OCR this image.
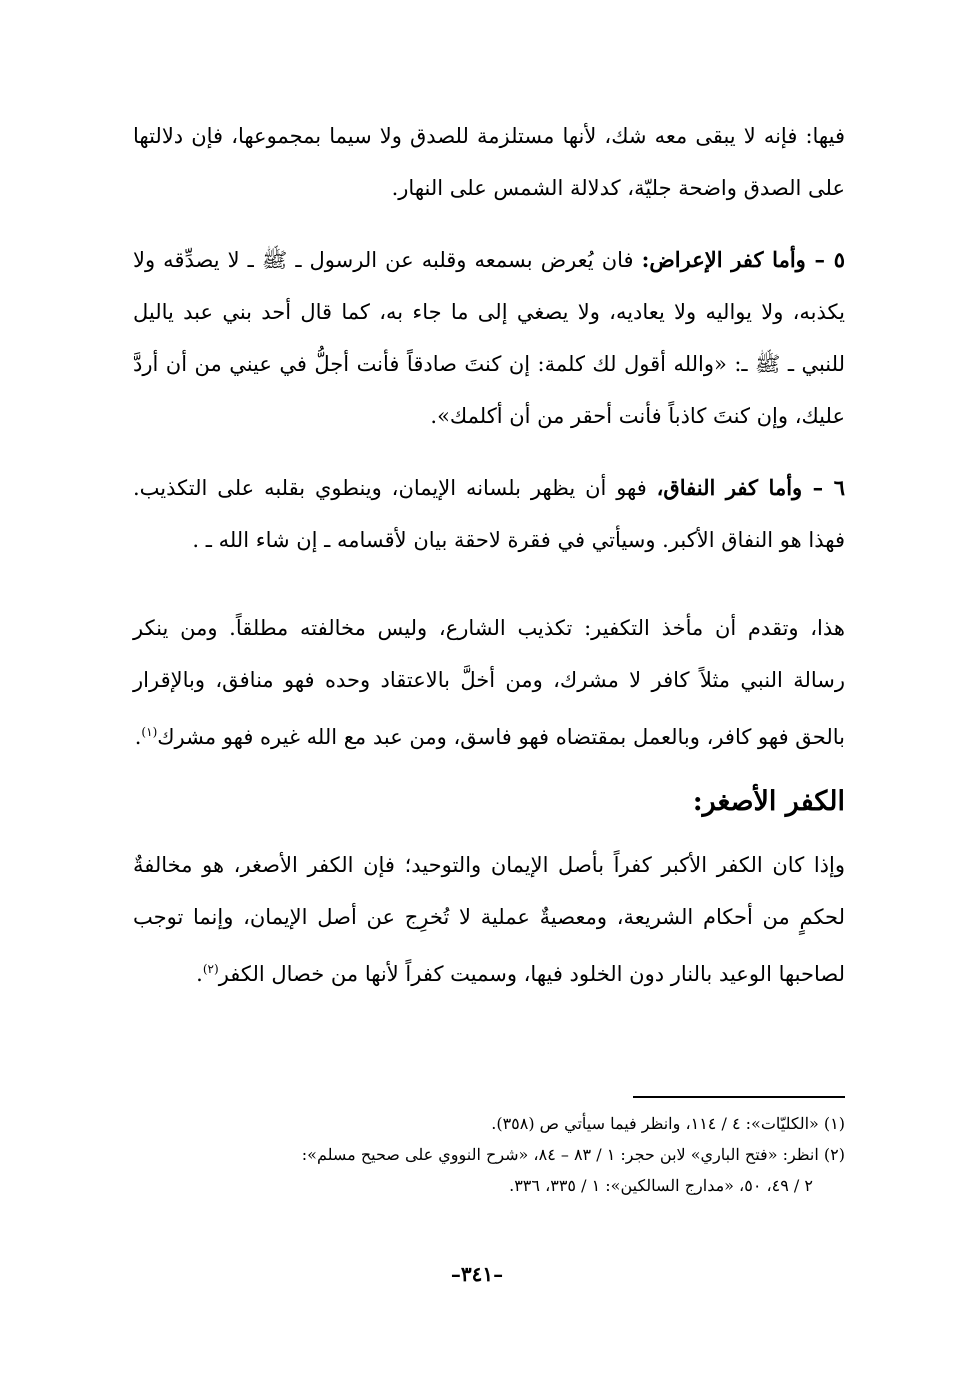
فيها: فإنه لا يبقى معه شك، لأنها مستلزمة للصدق ولا سيما بمجموعها، فإن دلالتها على الصدق واضحة جليّة، كدلالة الشمس على النهار.

٥ – وأما كفر الإعراض: فان يُعرض بسمعه وقلبه عن الرسول ـ ﷺ ـ لا يصدِّقه ولا يكذبه، ولا يواليه ولا يعاديه، ولا يصغي إلى ما جاء به، كما قال أحد بني عبد ياليل للنبي ـ ﷺ ـ: «والله أقول لك كلمة: إن كنتَ صادقاً فأنت أجلُّ في عيني من أن أردَّ عليك، وإن كنتَ كاذباً فأنت أحقر من أن أكلمك».

٦ – وأما كفر النفاق، فهو أن يظهر بلسانه الإيمان، وينطوي بقلبه على التكذيب. فهذا هو النفاق الأكبر. وسيأتي في فقرة لاحقة بيان لأقسامه ـ إن شاء الله ـ .

هذا، وتقدم أن مأخذ التكفير: تكذيب الشارع، وليس مخالفته مطلقاً. ومن ينكر رسالة النبي مثلاً كافر لا مشرك، ومن أخلَّ بالاعتقاد وحده فهو منافق، وبالإقرار بالحق فهو كافر، وبالعمل بمقتضاه فهو فاسق، ومن عبد مع الله غيره فهو مشرك$^{(١)}$.

الكفر الأصغر:

وإذا كان الكفر الأكبر كفراً بأصل الإيمان والتوحيد؛ فإن الكفر الأصغر، هو مخالفةٌ لحكمٍ من أحكام الشريعة، ومعصيةٌ عملية لا تُخرِج عن أصل الإيمان، وإنما توجب لصاحبها الوعيد بالنار دون الخلود فيها، وسميت كفراً لأنها من خصال الكفر$^{(٢)}$.

(١) «الكليّات»: ٤ / ١١٤، وانظر فيما سيأتي ص (٣٥٨).

(٢) انظر: «فتح الباري» لابن حجر: ١ / ٨٣ – ٨٤، «شرح النووي على صحيح مسلم»:

٢ / ٤٩، ٥٠، «مدارج السالكين»: ١ / ٣٣٥، ٣٣٦.

–٣٤١–
